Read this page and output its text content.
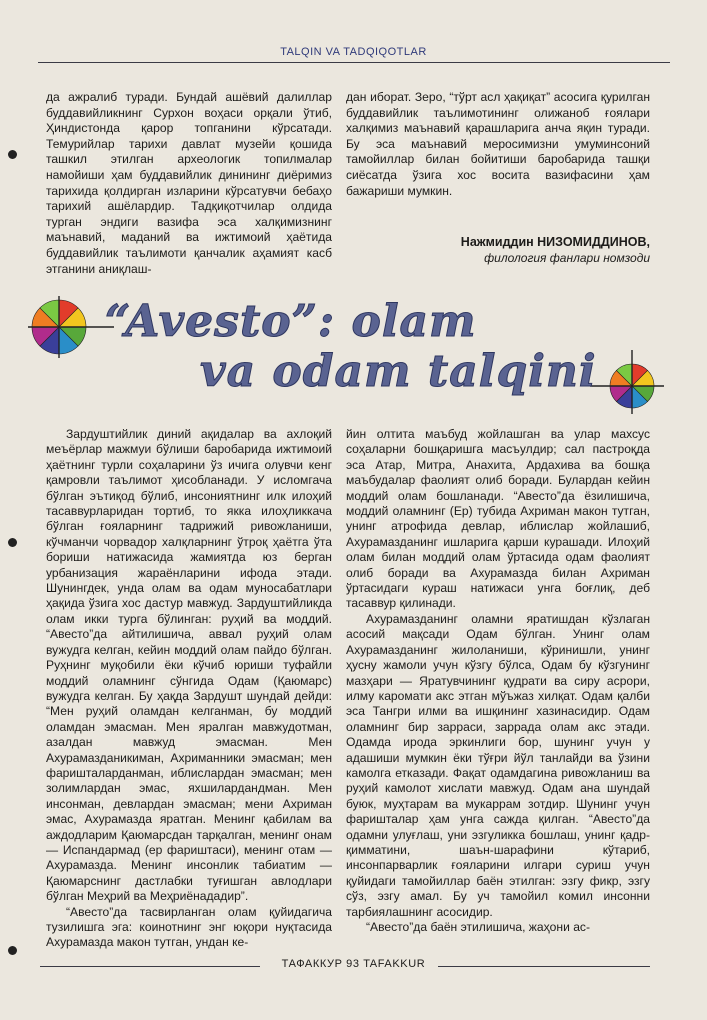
TALQIN VA TADQIQOTLAR

да ажралиб туради. Бундай ашёвий далиллар буддавийликнинг Сурхон воҳаси орқали ўтиб, Ҳиндистонда қарор топганини кўрсатади. Темурийлар тарихи давлат музейи қошида ташкил этилган археологик топилмалар намойиши ҳам буддавийлик динининг диёримиз тарихида қолдирган изларини кўрсатувчи бебаҳо тарихий ашёлардир. Тадқиқотчилар олдида турган эндиги вазифа эса халқимизнинг маънавий, маданий ва ижтимоий ҳаётида буддавийлик таълимоти қанчалик аҳамият касб этганини аниқлаш-

дан иборат. Зеро, “тўрт асл ҳақиқат” асосига қурилган буддавийлик таълимотининг олижаноб ғоялари халқимиз маънавий қарашларига анча яқин туради. Бу эса маънавий меросимизни умуминсоний тамойиллар билан бойитиши баробарида ташқи сиёсатда ўзига хос восита вазифасини ҳам бажариши мумкин.

Нажмиддин НИЗОМИДДИНОВ,
филология фанлари номзоди
“Avesto”: olam
va odam talqini

Зардуштийлик диний ақидалар ва ахлоқий меъёрлар мажмуи бўлиши баробарида ижтимоий ҳаётнинг турли соҳаларини ўз ичига олувчи кенг қамровли таълимот ҳисобланади. У исломгача бўлган эътиқод бўлиб, инсониятнинг илк илоҳий тасаввурларидан тортиб, то якка илоҳликкача бўлган ғояларнинг тадрижий ривожланиши, кўчманчи чорвадор халқларнинг ўтроқ ҳаётга ўта бориши натижасида жамиятда юз берган урбанизация жараёнларини ифода этади. Шунингдек, унда олам ва одам муносабатлари ҳақида ўзига хос дастур мавжуд. Зардуштийликда олам икки турга бўлинган: руҳий ва моддий. “Авесто”да айтилишича, аввал руҳий олам вужудга келган, кейин моддий олам пайдо бўлган. Руҳнинг муқобили ёки кўчиб юриши туфайли моддий оламнинг сўнгида Одам (Қаюмарс) вужудга келган. Бу ҳақда Зардушт шундай дейди: “Мен руҳий оламдан келганман, бу моддий оламдан эмасман. Мен яралган мавжудотман, азалдан мавжуд эмасман. Мен Ахурамазданикиман, Ахриманники эмасман; мен фаришталарданман, иблислардан эмасман; мен золимлардан эмас, яхшилардандман. Мен инсонман, девлардан эмасман; мени Ахриман эмас, Ахурамазда яратган. Менинг қабилам ва аждодларим Қаюмарсдан тарқалган, менинг онам — Испандармад (ер фариштаси), менинг отам — Ахурамазда. Менинг инсонлик табиатим — Қаюмарснинг дастлабки туғишган авлодлари бўлган Меҳрий ва Меҳриёнададир”.

“Авесто”да тасвирланган олам қуйидагича тузилишга эга: коинотнинг энг юқори нуқтасида Ахурамазда макон тутган, ундан ке-

йин олтита маъбуд жойлашган ва улар махсус соҳаларни бошқаришга масъулдир; сал пастроқда эса Атар, Митра, Анахита, Ардахива ва бошқа маъбудалар фаолият олиб боради. Булардан кейин моддий олам бошланади. “Авесто”да ёзилишича, моддий оламнинг (Ер) тубида Ахриман макон тутган, унинг атрофида девлар, иблислар жойлашиб, Ахурамазданинг ишларига қарши курашади. Илоҳий олам билан моддий олам ўртасида одам фаолият олиб боради ва Ахурамазда билан Ахриман ўртасидаги кураш натижаси унга боғлиқ, деб тасаввур қилинади.

Ахурамазданинг оламни яратишдан кўзлаган асосий мақсади Одам бўлган. Унинг олам Ахурамазданинг жилоланиши, кўринишли, унинг ҳусну жамоли учун кўзгу бўлса, Одам бу кўзгунинг мазҳари — Яратувчининг қудрати ва сиру асрори, илму каромати акс этган мўъжаз хилқат. Одам қалби эса Тангри илми ва ишқининг хазинасидир. Одам оламнинг бир зарраси, заррада олам акс этади. Одамда ирода эркинлиги бор, шунинг учун у адашиши мумкин ёки тўғри йўл танлайди ва ўзини камолга етказади. Фақат одамдагина ривожланиш ва руҳий камолот хислати мавжуд. Одам ана шундай буюк, муҳтарам ва мукаррам зотдир. Шунинг учун фаришталар ҳам унга сажда қилган. “Авесто”да одамни улуғлаш, уни эзгуликка бошлаш, унинг қадр-қимматини, шаън-шарафини кўтариб, инсонпарварлик ғояларини илгари суриш учун қуйидаги тамойиллар баён этилган: эзгу фикр, эзгу сўз, эзгу амал. Бу уч тамойил комил инсонни тарбиялашнинг асосидир.

“Авесто”да баён этилишича, жаҳони ас-

ТАФАККУР 93 TAFAKKUR
